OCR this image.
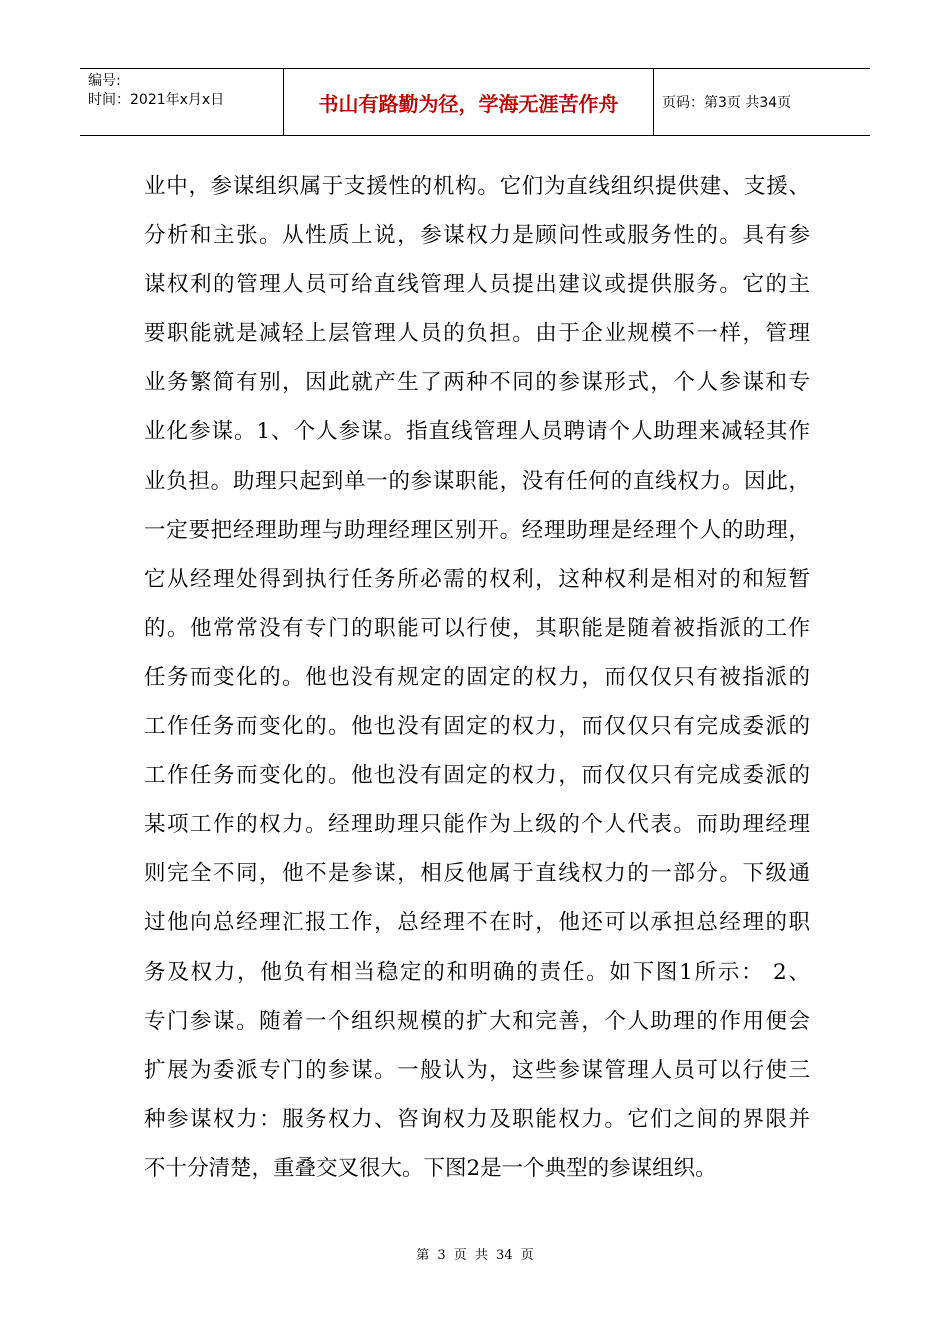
编号:
时间：2021年x月x日	书山有路勤为径，学海无涯苦作舟	页码：第3页 共34页
业中，参谋组织属于支援性的机构。它们为直线组织提供建、支援、
分析和主张。从性质上说，参谋权力是顾问性或服务性的。具有参
谋权利的管理人员可给直线管理人员提出建议或提供服务。它的主
要职能就是减轻上层管理人员的负担。由于企业规模不一样，管理
业务繁简有别，因此就产生了两种不同的参谋形式，个人参谋和专
业化参谋。1、个人参谋。指直线管理人员聘请个人助理来减轻其作
业负担。助理只起到单一的参谋职能，没有任何的直线权力。因此，
一定要把经理助理与助理经理区别开。经理助理是经理个人的助理，
它从经理处得到执行任务所必需的权利，这种权利是相对的和短暂
的。他常常没有专门的职能可以行使，其职能是随着被指派的工作
任务而变化的。他也没有规定的固定的权力，而仅仅只有被指派的
工作任务而变化的。他也没有固定的权力，而仅仅只有完成委派的
工作任务而变化的。他也没有固定的权力，而仅仅只有完成委派的
某项工作的权力。经理助理只能作为上级的个人代表。而助理经理
则完全不同，他不是参谋，相反他属于直线权力的一部分。下级通
过他向总经理汇报工作，总经理不在时，他还可以承担总经理的职
务及权力，他负有相当稳定的和明确的责任。如下图1所示： 2、
专门参谋。随着一个组织规模的扩大和完善，个人助理的作用便会
扩展为委派专门的参谋。一般认为，这些参谋管理人员可以行使三
种参谋权力：服务权力、咨询权力及职能权力。它们之间的界限并
不十分清楚，重叠交叉很大。下图2是一个典型的参谋组织。
第 3 页 共 34 页
